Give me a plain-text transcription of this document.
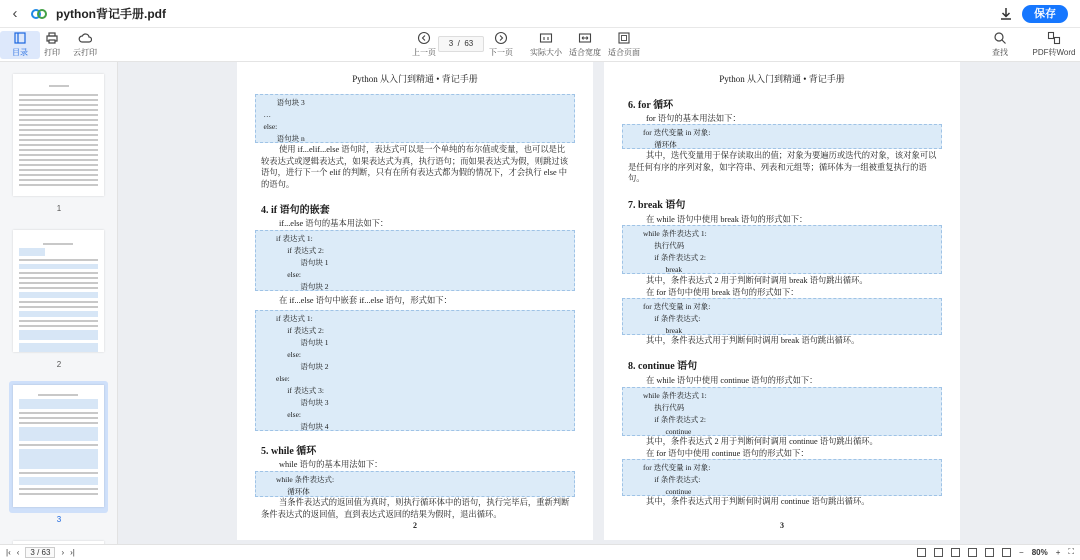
‹	python背记手册.pdf	保存
目录 打印 云打印	上一页
3  /  63
下一页 实际大小 适合宽度 适合页面	查找	PDF转Word
1
2
3
Python 从入门到精通 • 背记手册
语句块 3
…
else:
语句块 n
使用 if...elif...else 语句时，表达式可以是一个单纯的布尔值或变量，也可以是比较表达式或逻辑表达式，如果表达式为真，执行语句；而如果表达式为假，则跳过该语句，进行下一个 elif 的判断，只有在所有表达式都为假的情况下，才会执行 else 中的语句。
4. if 语句的嵌套
if...else 语句的基本用法如下：
if 表达式 1:
if 表达式 2:
语句块 1
else:
语句块 2
在 if...else 语句中嵌套 if...else 语句，形式如下：
if 表达式 1:
if 表达式 2:
语句块 1
else:
语句块 2
else:
if 表达式 3:
语句块 3
else:
语句块 4
5. while 循环
while 语句的基本用法如下：
while 条件表达式:
循环体
当条件表达式的返回值为真时，则执行循环体中的语句，执行完毕后，重新判断条件表达式的返回值，直到表达式返回的结果为假时，退出循环。
2
Python 从入门到精通 • 背记手册
6. for 循环
for 语句的基本用法如下：
for 迭代变量 in 对象:
循环体
其中，迭代变量用于保存读取出的值；对象为要遍历或迭代的对象，该对象可以是任何有序的序列对象，如字符串、列表和元组等；循环体为一组被重复执行的语句。
7. break 语句
在 while 语句中使用 break 语句的形式如下：
while 条件表达式 1:
执行代码
if 条件表达式 2:
break
其中，条件表达式 2 用于判断何时调用 break 语句跳出循环。
在 for 语句中使用 break 语句的形式如下：
for 迭代变量 in 对象:
if 条件表达式:
break
其中，条件表达式用于判断何时调用 break 语句跳出循环。
8. continue 语句
在 while 语句中使用 continue 语句的形式如下：
while 条件表达式 1:
执行代码
if 条件表达式 2:
continue
其中，条件表达式 2 用于判断何时调用 continue 语句跳出循环。
在 for 语句中使用 continue 语句的形式如下：
for 迭代变量 in 对象:
if 条件表达式:
continue
其中，条件表达式用于判断何时调用 continue 语句跳出循环。
3
|‹ ‹	3 / 63	› ›|	− 80% + ⛶
